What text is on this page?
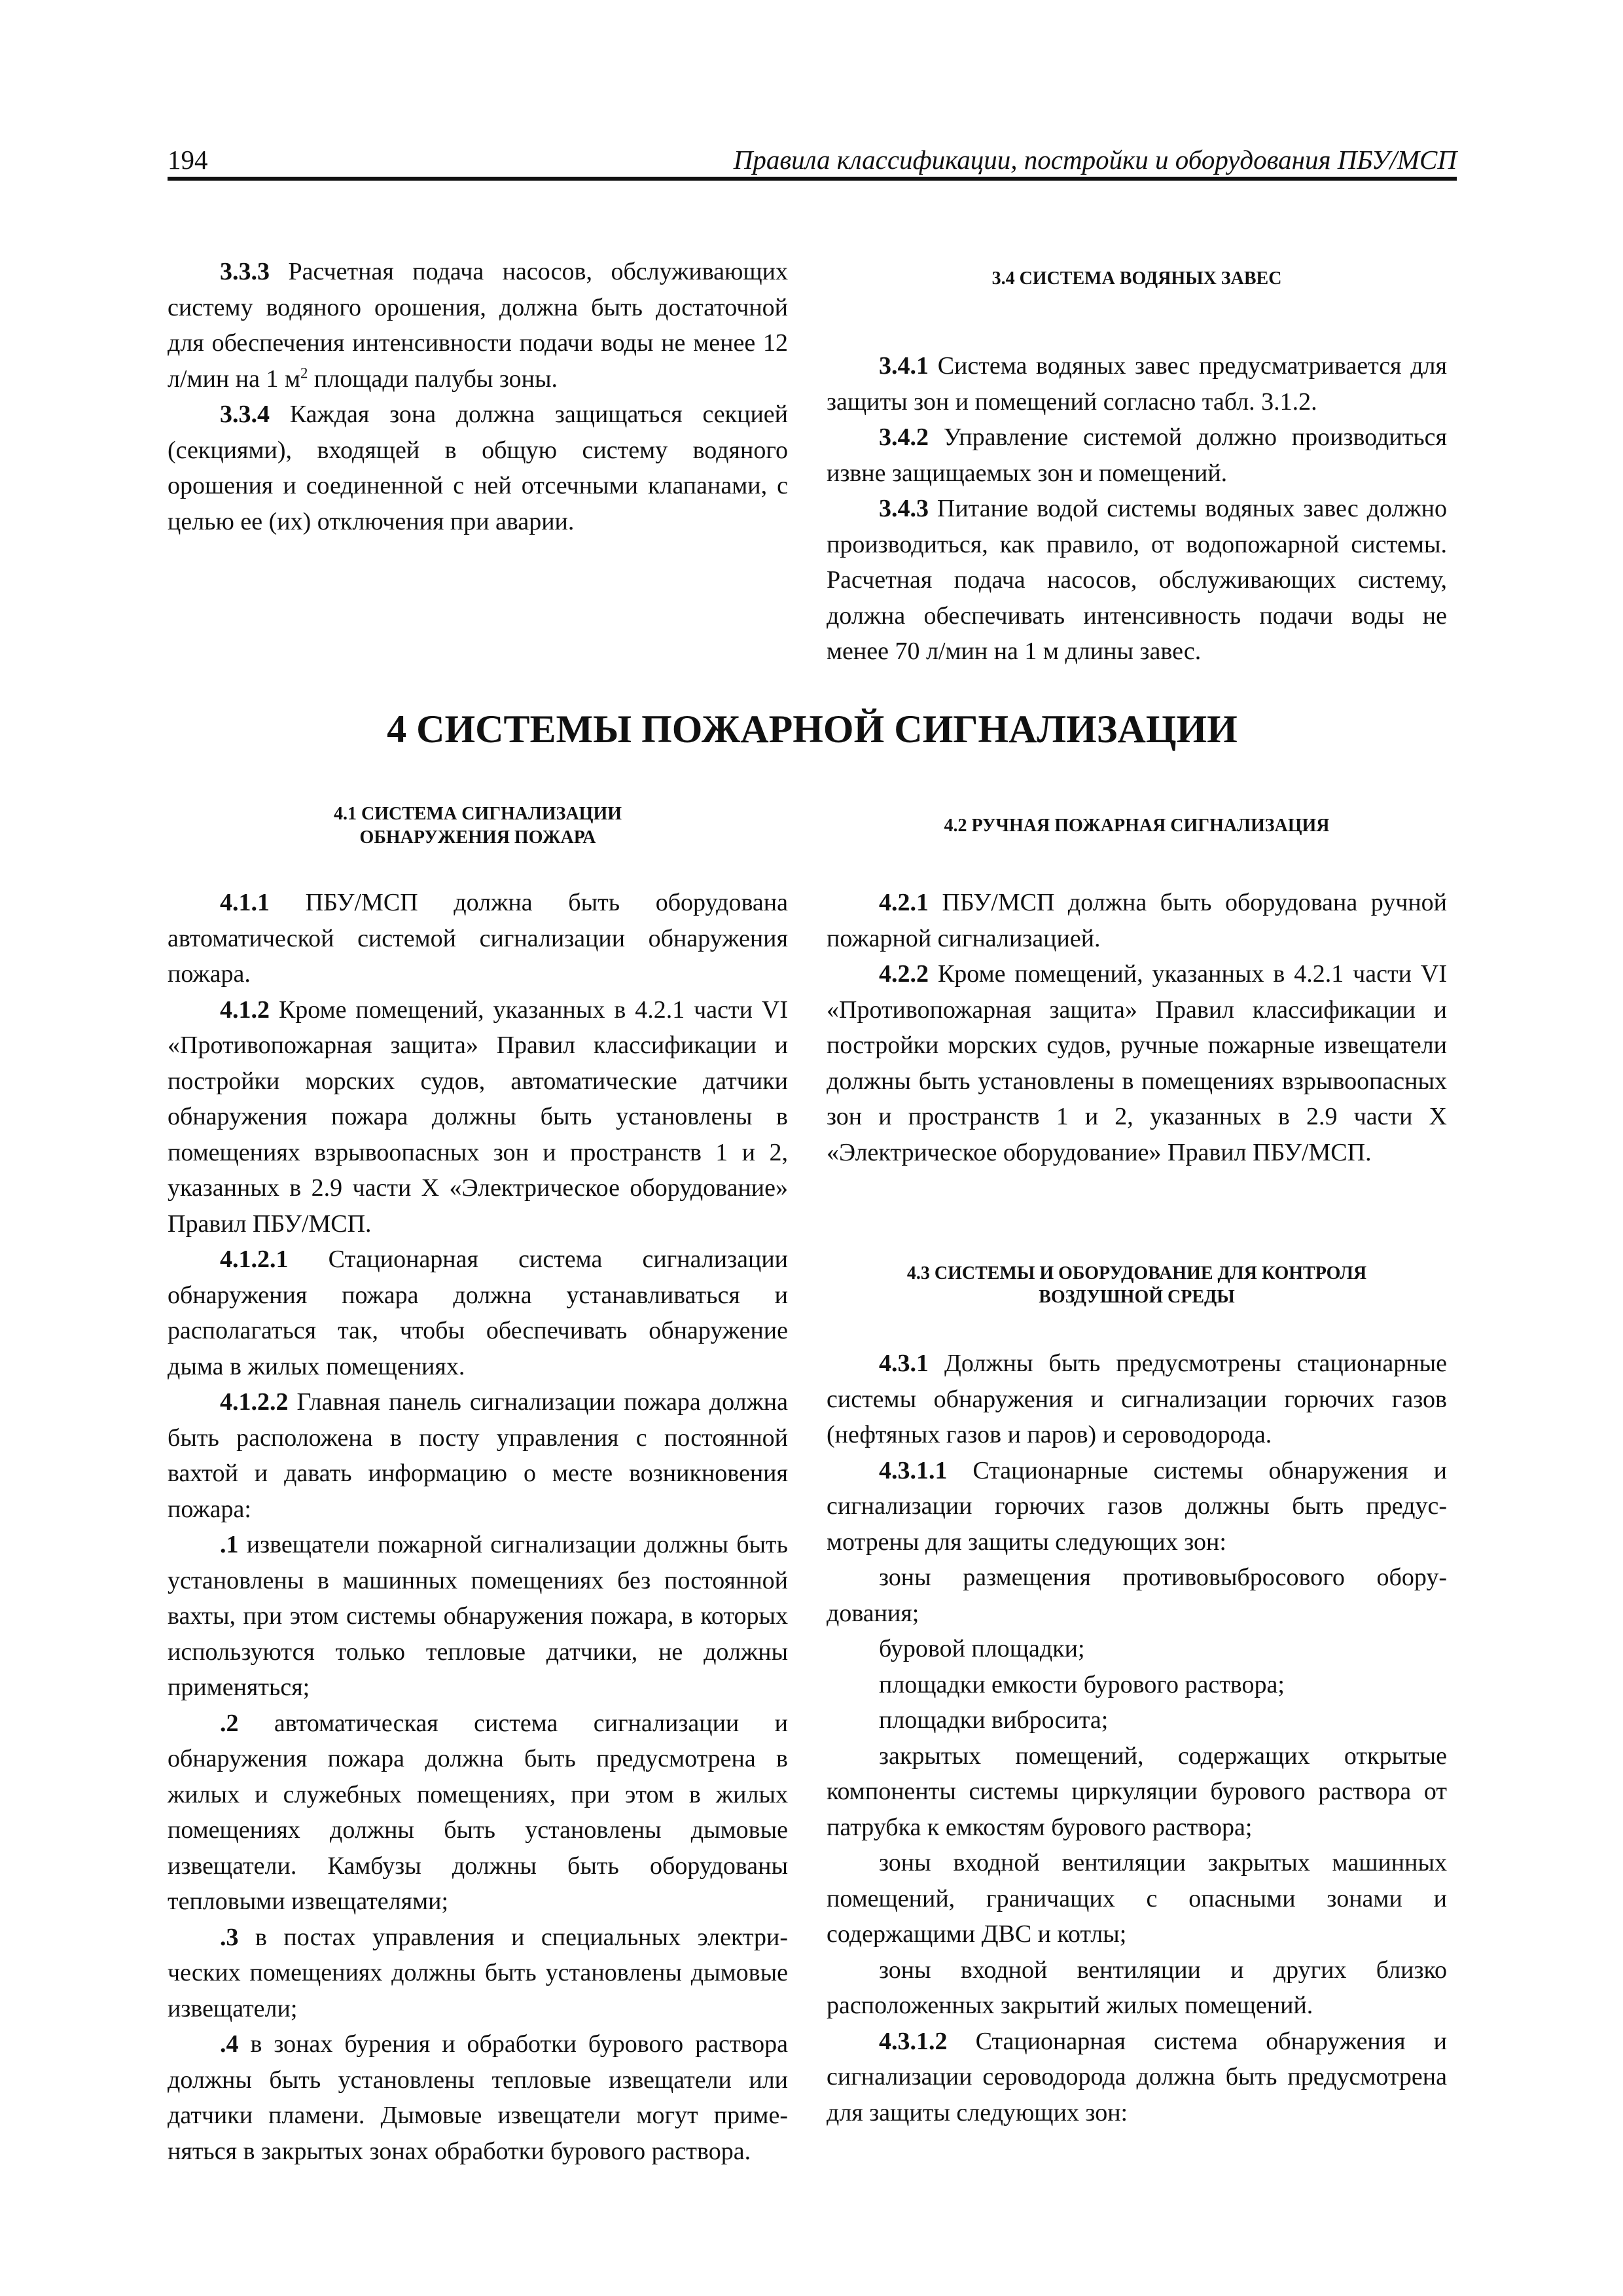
194	Правила классификации, постройки и оборудования ПБУ/МСП

3.3.3 Расчетная подача насосов, обслуживающих систему водяного орошения, должна быть достаточной для обеспечения интенсивности подачи воды не менее 12 л/мин на 1 $м^2$ площади палубы зоны.

3.3.4 Каждая зона должна защищаться секцией (секциями), входящей в общую систему водяного орошения и соединенной с ней отсечными клапанами, с целью ее (их) отключения при аварии.

3.4 СИСТЕМА ВОДЯНЫХ ЗАВЕС

3.4.1 Система водяных завес предусматривается для защиты зон и помещений согласно табл. 3.1.2.

3.4.2 Управление системой должно производиться извне защищаемых зон и помещений.

3.4.3 Питание водой системы водяных завес должно производиться, как правило, от водопожарной системы. Расчетная подача насосов, обслуживающих систему, должна обеспечивать интенсивность подачи воды не менее 70 л/мин на 1 м длины завес.

4 СИСТЕМЫ ПОЖАРНОЙ СИГНАЛИЗАЦИИ

4.1 СИСТЕМА СИГНАЛИЗАЦИИ

ОБНАРУЖЕНИЯ ПОЖАРА

4.1.1 ПБУ/МСП должна быть оборудована автоматической системой сигнализации обнаружения пожара.

4.1.2 Кроме помещений, указанных в 4.2.1 части VI «Противопожарная защита» Правил классификации и постройки морских судов, автоматические датчики обнаружения пожара должны быть установлены в помещениях взрывоопасных зон и пространств 1 и 2, указанных в 2.9 части X «Электрическое оборудование» Правил ПБУ/МСП.

4.1.2.1 Стационарная система сигнализации обнаружения пожара должна устанавливаться и располагаться так, чтобы обеспечивать обнаружение дыма в жилых помещениях.

4.1.2.2 Главная панель сигнализации пожара должна быть расположена в посту управления с постоянной вахтой и давать информацию о месте возникновения пожара:

.1 извещатели пожарной сигнализации должны быть установлены в машинных помещениях без постоянной вахты, при этом системы обнаружения пожара, в которых используются только тепловые датчики, не должны применяться;

.2 автоматическая система сигнализации и обнаружения пожара должна быть предусмотрена в жилых и служебных помещениях, при этом в жилых помещениях должны быть установлены дымовые извещатели. Камбузы должны быть оборудованы тепловыми извещателями;

.3 в постах управления и специальных электрических помещениях должны быть установлены дымовые извещатели;

.4 в зонах бурения и обработки бурового раствора должны быть установлены тепловые извещатели или датчики пламени. Дымовые извещатели могут применяться в закрытых зонах обработки бурового раствора.

4.2 РУЧНАЯ ПОЖАРНАЯ СИГНАЛИЗАЦИЯ

4.2.1 ПБУ/МСП должна быть оборудована ручной пожарной сигнализацией.

4.2.2 Кроме помещений, указанных в 4.2.1 части VI «Противопожарная защита» Правил классификации и постройки морских судов, ручные пожарные извещатели должны быть установлены в помещениях взрывоопасных зон и пространств 1 и 2, указанных в 2.9 части X «Электрическое оборудование» Правил ПБУ/МСП.

4.3 СИСТЕМЫ И ОБОРУДОВАНИЕ ДЛЯ КОНТРОЛЯ

ВОЗДУШНОЙ СРЕДЫ

4.3.1 Должны быть предусмотрены стационарные системы обнаружения и сигнализации горючих газов (нефтяных газов и паров) и сероводорода.

4.3.1.1 Стационарные системы обнаружения и сигнализации горючих газов должны быть предусмотрены для защиты следующих зон:

зоны размещения противовыбросового оборудования;

буровой площадки;

площадки емкости бурового раствора;

площадки вибросита;

закрытых помещений, содержащих открытые компоненты системы циркуляции бурового раствора от патрубка к емкостям бурового раствора;

зоны входной вентиляции закрытых машинных помещений, граничащих с опасными зонами и содержащими ДВС и котлы;

зоны входной вентиляции и других близко расположенных закрытий жилых помещений.

4.3.1.2 Стационарная система обнаружения и сигнализации сероводорода должна быть предусмотрена для защиты следующих зон:
